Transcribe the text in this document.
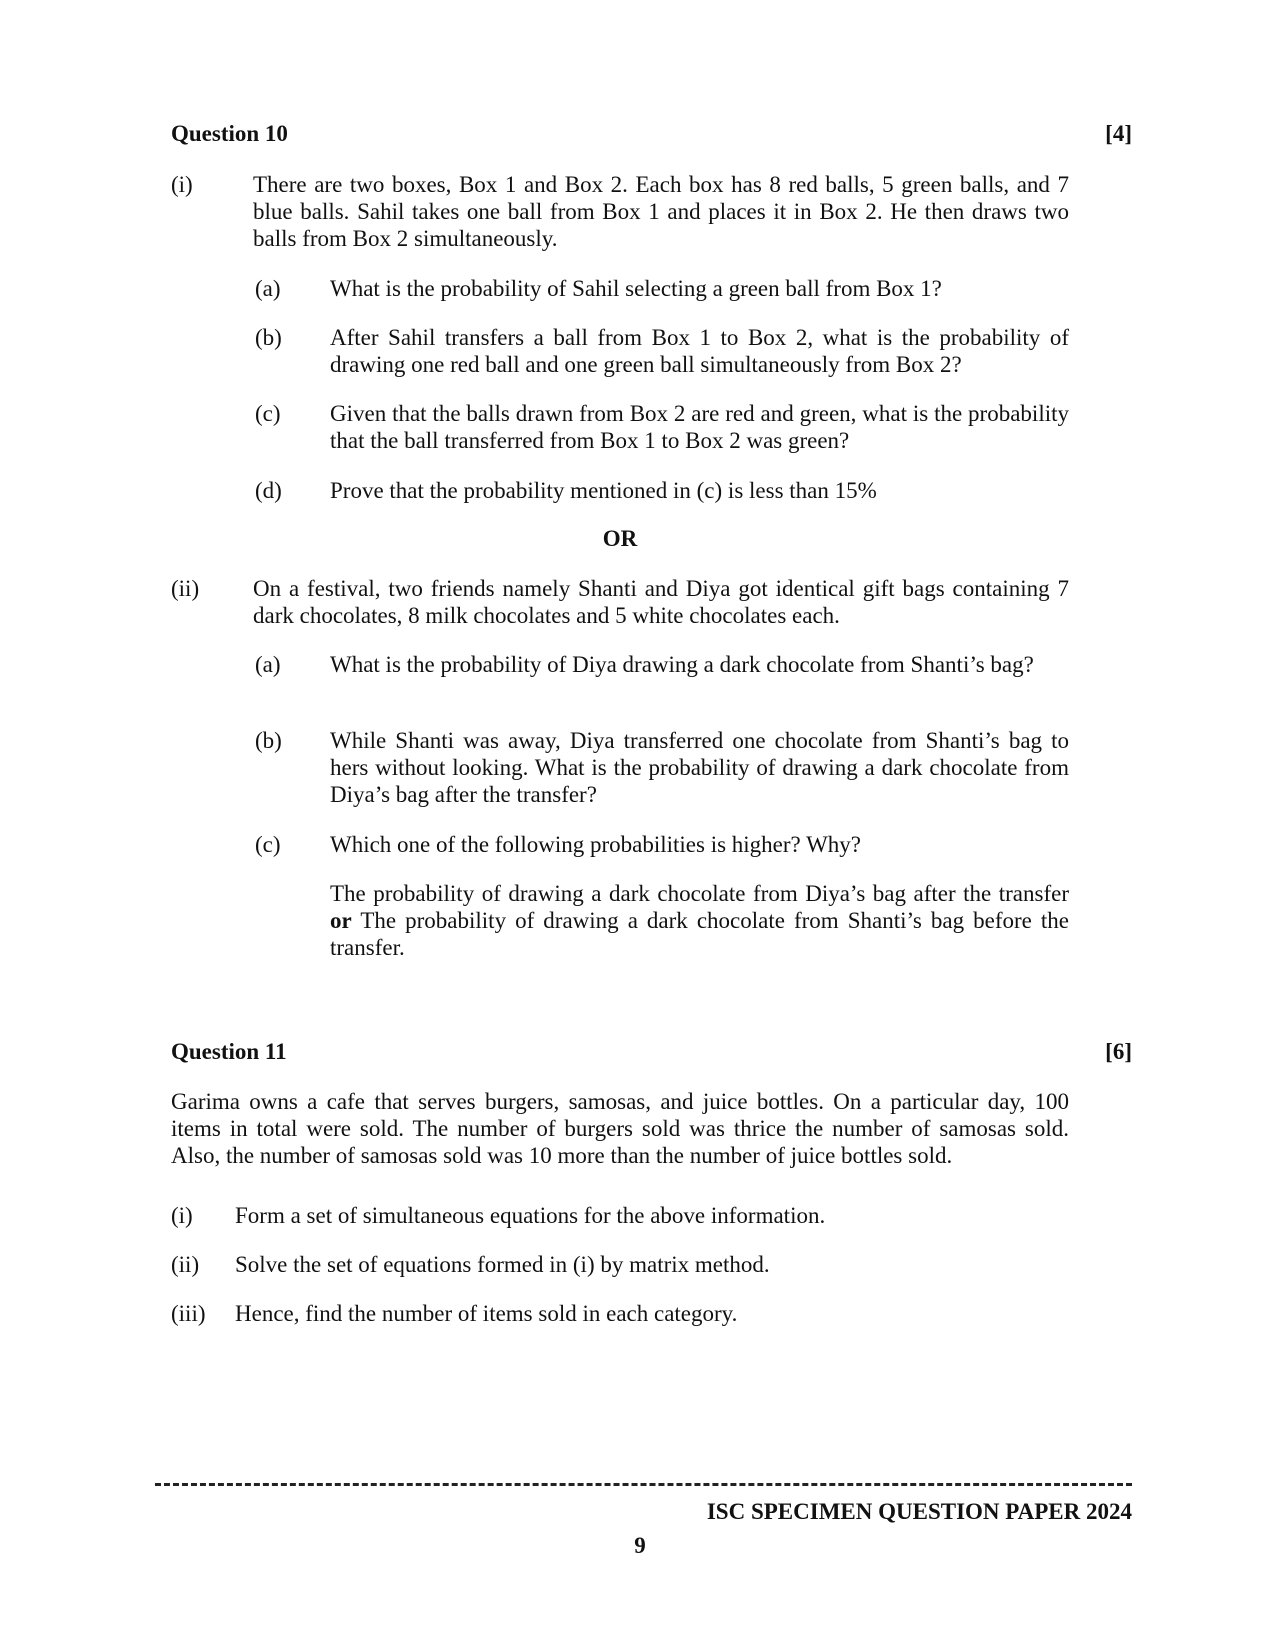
Question 10	[4]
(i)	There are two boxes, Box 1 and Box 2. Each box has 8 red balls, 5 green balls, and 7 blue balls. Sahil takes one ball from Box 1 and places it in Box 2. He then draws two balls from Box 2 simultaneously.
(a) What is the probability of Sahil selecting a green ball from Box 1?
(b) After Sahil transfers a ball from Box 1 to Box 2, what is the probability of drawing one red ball and one green ball simultaneously from Box 2?
(c) Given that the balls drawn from Box 2 are red and green, what is the probability that the ball transferred from Box 1 to Box 2 was green?
(d) Prove that the probability mentioned in (c) is less than 15%
OR
(ii) On a festival, two friends namely Shanti and Diya got identical gift bags containing 7 dark chocolates, 8 milk chocolates and 5 white chocolates each.
(a) What is the probability of Diya drawing a dark chocolate from Shanti’s bag?
(b) While Shanti was away, Diya transferred one chocolate from Shanti’s bag to hers without looking. What is the probability of drawing a dark chocolate from Diya’s bag after the transfer?
(c) Which one of the following probabilities is higher? Why?
The probability of drawing a dark chocolate from Diya’s bag after the transfer or The probability of drawing a dark chocolate from Shanti’s bag before the transfer.
Question 11	[6]
Garima owns a cafe that serves burgers, samosas, and juice bottles. On a particular day, 100 items in total were sold. The number of burgers sold was thrice the number of samosas sold. Also, the number of samosas sold was 10 more than the number of juice bottles sold.
(i) Form a set of simultaneous equations for the above information.
(ii) Solve the set of equations formed in (i) by matrix method.
(iii) Hence, find the number of items sold in each category.
ISC SPECIMEN QUESTION PAPER 2024
9
